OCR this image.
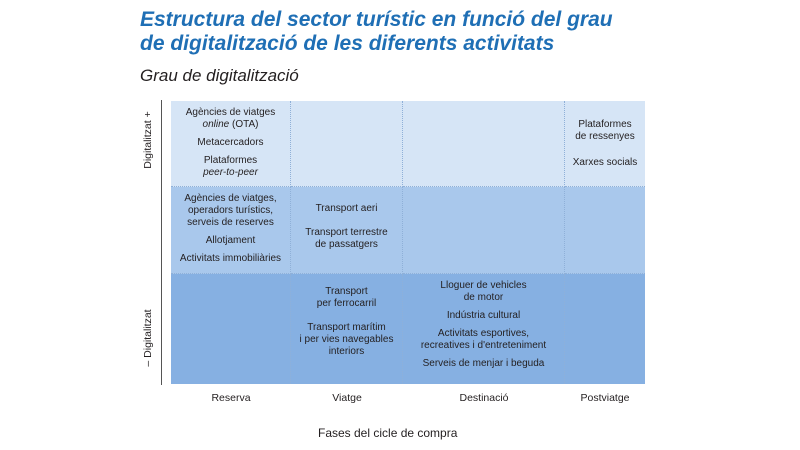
Estructura del sector turístic en funció del grau
de digitalització de les diferents activitats
Grau de digitalització
Digitalitzat +
– Digitalitzat
Agències de viatges
online (OTA)
Metacercadors
Plataformes
peer-to-peer
Plataformes
de ressenyes
Xarxes socials
Agències de viatges,
operadors turístics,
serveis de reserves
Allotjament
Activitats immobiliàries
Transport aeri
Transport terrestre
de passatgers
Transport
per ferrocarril
Transport marítim
i per vies navegables
interiors
Lloguer de vehicles
de motor
Indústria cultural
Activitats esportives,
recreatives i d'entreteniment
Serveis de menjar i beguda
Reserva	Viatge	Destinació	Postviatge
Fases del cicle de compra
